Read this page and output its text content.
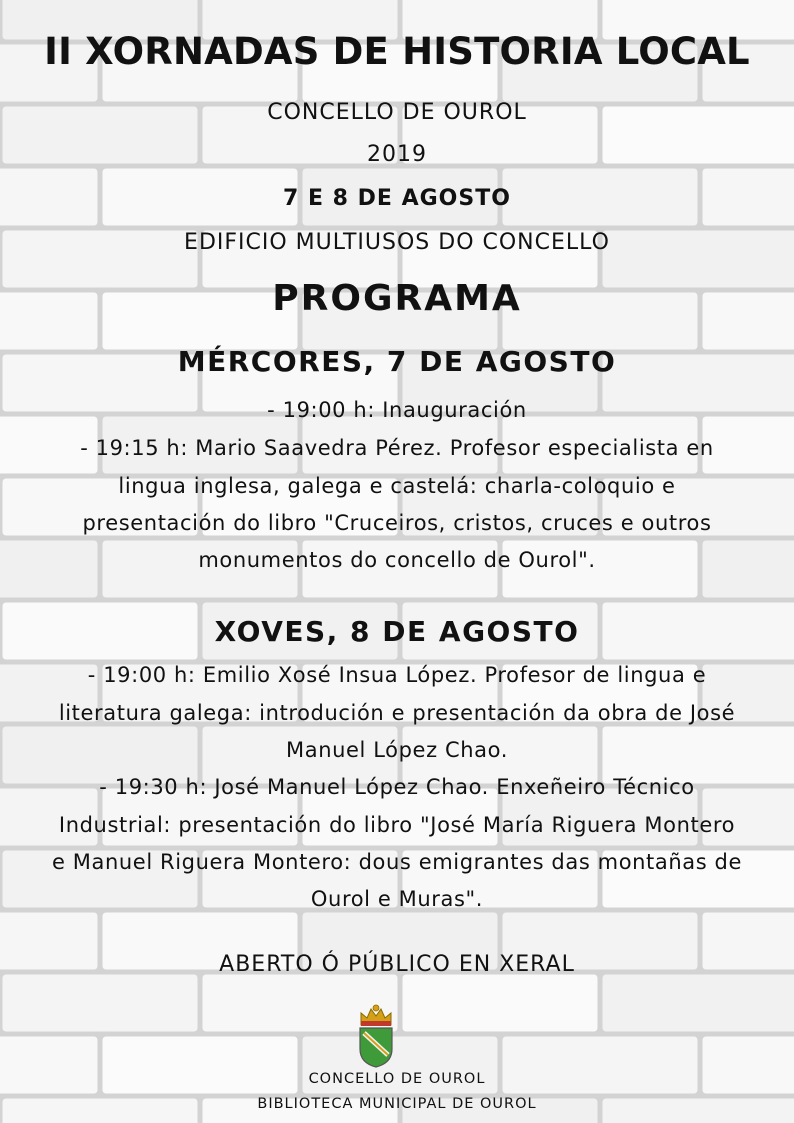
II XORNADAS DE HISTORIA LOCAL
CONCELLO DE OUROL
2019
7 E 8 DE AGOSTO
EDIFICIO MULTIUSOS DO CONCELLO
PROGRAMA
MÉRCORES, 7 DE AGOSTO
- 19:00 h: Inauguración
- 19:15 h: Mario Saavedra Pérez. Profesor especialista en
lingua inglesa, galega e castelá: charla-coloquio e
presentación do libro "Cruceiros, cristos, cruces e outros
monumentos do concello de Ourol".
XOVES, 8 DE AGOSTO
- 19:00 h: Emilio Xosé Insua López. Profesor de lingua e
literatura galega: introdución e presentación da obra de José
Manuel López Chao.
- 19:30 h: José Manuel López Chao. Enxeñeiro Técnico
Industrial: presentación do libro "José María Riguera Montero
e Manuel Riguera Montero: dous emigrantes das montañas de
Ourol e Muras".
ABERTO Ó PÚBLICO EN XERAL
CONCELLO DE OUROL
BIBLIOTECA MUNICIPAL DE OUROL
